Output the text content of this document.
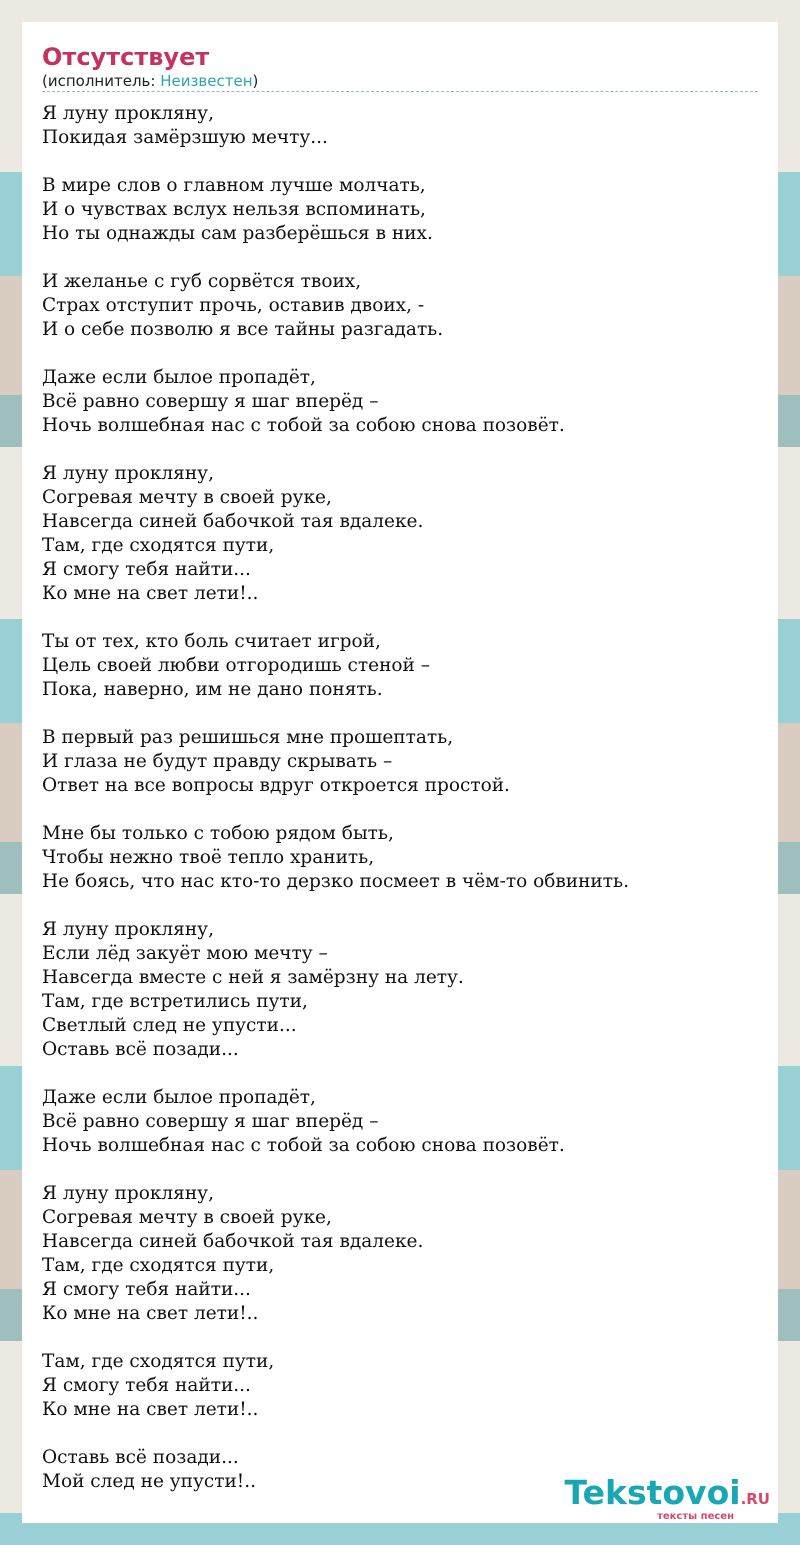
Отсутствует
(исполнитель: Неизвестен)
Я луну прокляну,
Покидая замёрзшую мечту...
В мире слов о главном лучше молчать,
И о чувствах вслух нельзя вспоминать,
Но ты однажды сам разберёшься в них.
И желанье с губ сорвётся твоих,
Страх отступит прочь, оставив двоих, -
И о себе позволю я все тайны разгадать.
Даже если былое пропадёт,
Всё равно совершу я шаг вперёд –
Ночь волшебная нас с тобой за собою снова позовёт.
Я луну прокляну,
Согревая мечту в своей руке,
Навсегда синей бабочкой тая вдалеке.
Там, где сходятся пути,
Я смогу тебя найти...
Ко мне на свет лети!..
Ты от тех, кто боль считает игрой,
Цель своей любви отгородишь стеной –
Пока, наверно, им не дано понять.
В первый раз решишься мне прошептать,
И глаза не будут правду скрывать –
Ответ на все вопросы вдруг откроется простой.
Мне бы только с тобою рядом быть,
Чтобы нежно твоё тепло хранить,
Не боясь, что нас кто-то дерзко посмеет в чём-то обвинить.
Я луну прокляну,
Если лёд закуёт мою мечту –
Навсегда вместе с ней я замёрзну на лету.
Там, где встретились пути,
Светлый след не упусти...
Оставь всё позади...
Даже если былое пропадёт,
Всё равно совершу я шаг вперёд –
Ночь волшебная нас с тобой за собою снова позовёт.
Я луну прокляну,
Согревая мечту в своей руке,
Навсегда синей бабочкой тая вдалеке.
Там, где сходятся пути,
Я смогу тебя найти...
Ко мне на свет лети!..
Там, где сходятся пути,
Я смогу тебя найти...
Ко мне на свет лети!..
Оставь всё позади...
Мой след не упусти!..	Tekstovoi.RU
тексты песен
